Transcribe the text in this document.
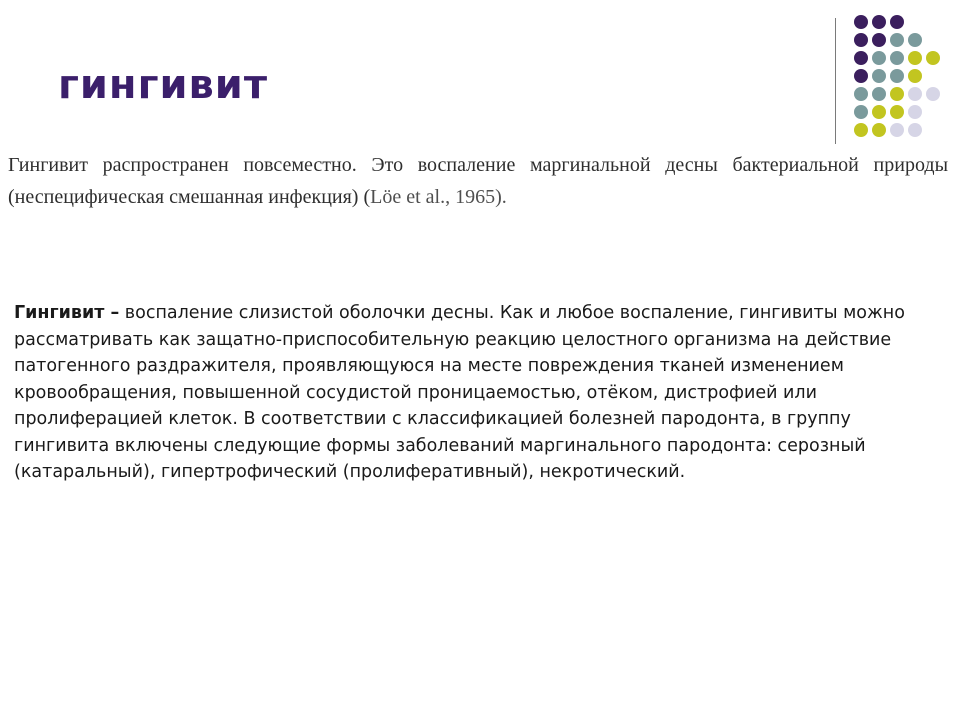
гингивит

Гингивит распространен повсеместно. Это воспаление маргинальной десны бактериальной природы (неспецифическая смешанная инфекция) (Löe et al., 1965).

Гингивит – воспаление слизистой оболочки десны. Как и любое воспаление, гингивиты можно рассматривать как защатно-приспособительную реакцию целостного организма на действие патогенного раздражителя, проявляющуюся на месте повреждения тканей изменением кровообращения, повышенной сосудистой проницаемостью, отёком, дистрофией или пролиферацией клеток. В соответствии с классификацией болезней пародонта, в группу гингивита включены следующие формы заболеваний маргинального пародонта: серозный (катаральный), гипертрофический (пролиферативный), некротический.
